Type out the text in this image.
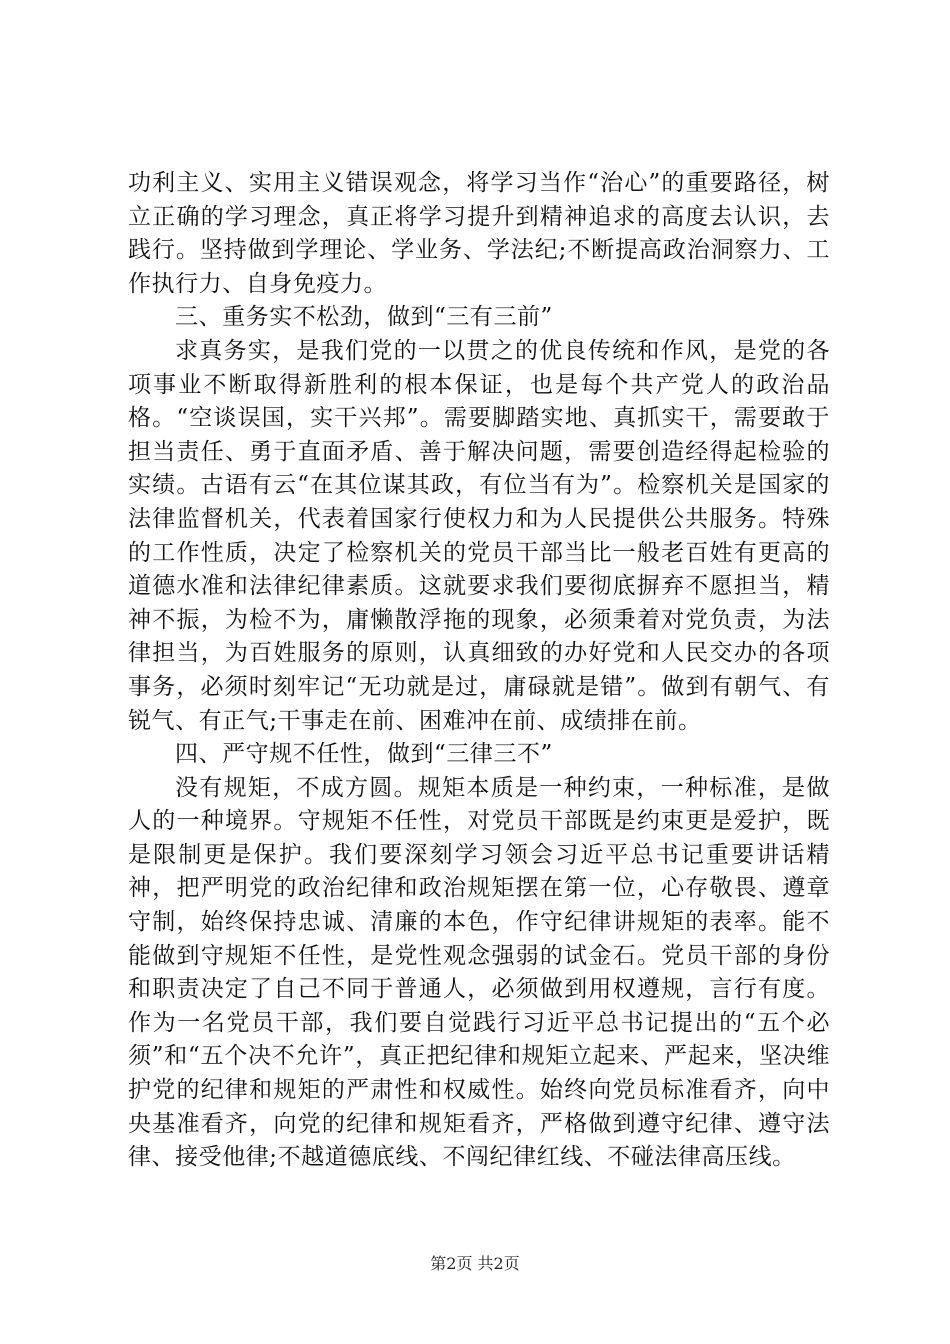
功利主义、实用主义错误观念，将学习当作“治心”的重要路径，树立正确的学习理念，真正将学习提升到精神追求的高度去认识，去践行。坚持做到学理论、学业务、学法纪;不断提高政治洞察力、工作执行力、自身免疫力。

三、重务实不松劲，做到“三有三前”

求真务实，是我们党的一以贯之的优良传统和作风，是党的各项事业不断取得新胜利的根本保证，也是每个共产党人的政治品格。“空谈误国，实干兴邦”。需要脚踏实地、真抓实干，需要敢于担当责任、勇于直面矛盾、善于解决问题，需要创造经得起检验的实绩。古语有云“在其位谋其政，有位当有为”。检察机关是国家的法律监督机关，代表着国家行使权力和为人民提供公共服务。特殊的工作性质，决定了检察机关的党员干部当比一般老百姓有更高的道德水准和法律纪律素质。这就要求我们要彻底摒弃不愿担当，精神不振，为检不为，庸懒散浮拖的现象，必须秉着对党负责，为法律担当，为百姓服务的原则，认真细致的办好党和人民交办的各项事务，必须时刻牢记“无功就是过，庸碌就是错”。做到有朝气、有锐气、有正气;干事走在前、困难冲在前、成绩排在前。

四、严守规不任性，做到“三律三不”

没有规矩，不成方圆。规矩本质是一种约束，一种标准，是做人的一种境界。守规矩不任性，对党员干部既是约束更是爱护，既是限制更是保护。我们要深刻学习领会习近平总书记重要讲话精神，把严明党的政治纪律和政治规矩摆在第一位，心存敬畏、遵章守制，始终保持忠诚、清廉的本色，作守纪律讲规矩的表率。能不能做到守规矩不任性，是党性观念强弱的试金石。党员干部的身份和职责决定了自己不同于普通人，必须做到用权遵规，言行有度。作为一名党员干部，我们要自觉践行习近平总书记提出的“五个必须”和“五个决不允许”，真正把纪律和规矩立起来、严起来，坚决维护党的纪律和规矩的严肃性和权威性。始终向党员标准看齐，向中央基准看齐，向党的纪律和规矩看齐，严格做到遵守纪律、遵守法律、接受他律;不越道德底线、不闯纪律红线、不碰法律高压线。

第2页 共2页
